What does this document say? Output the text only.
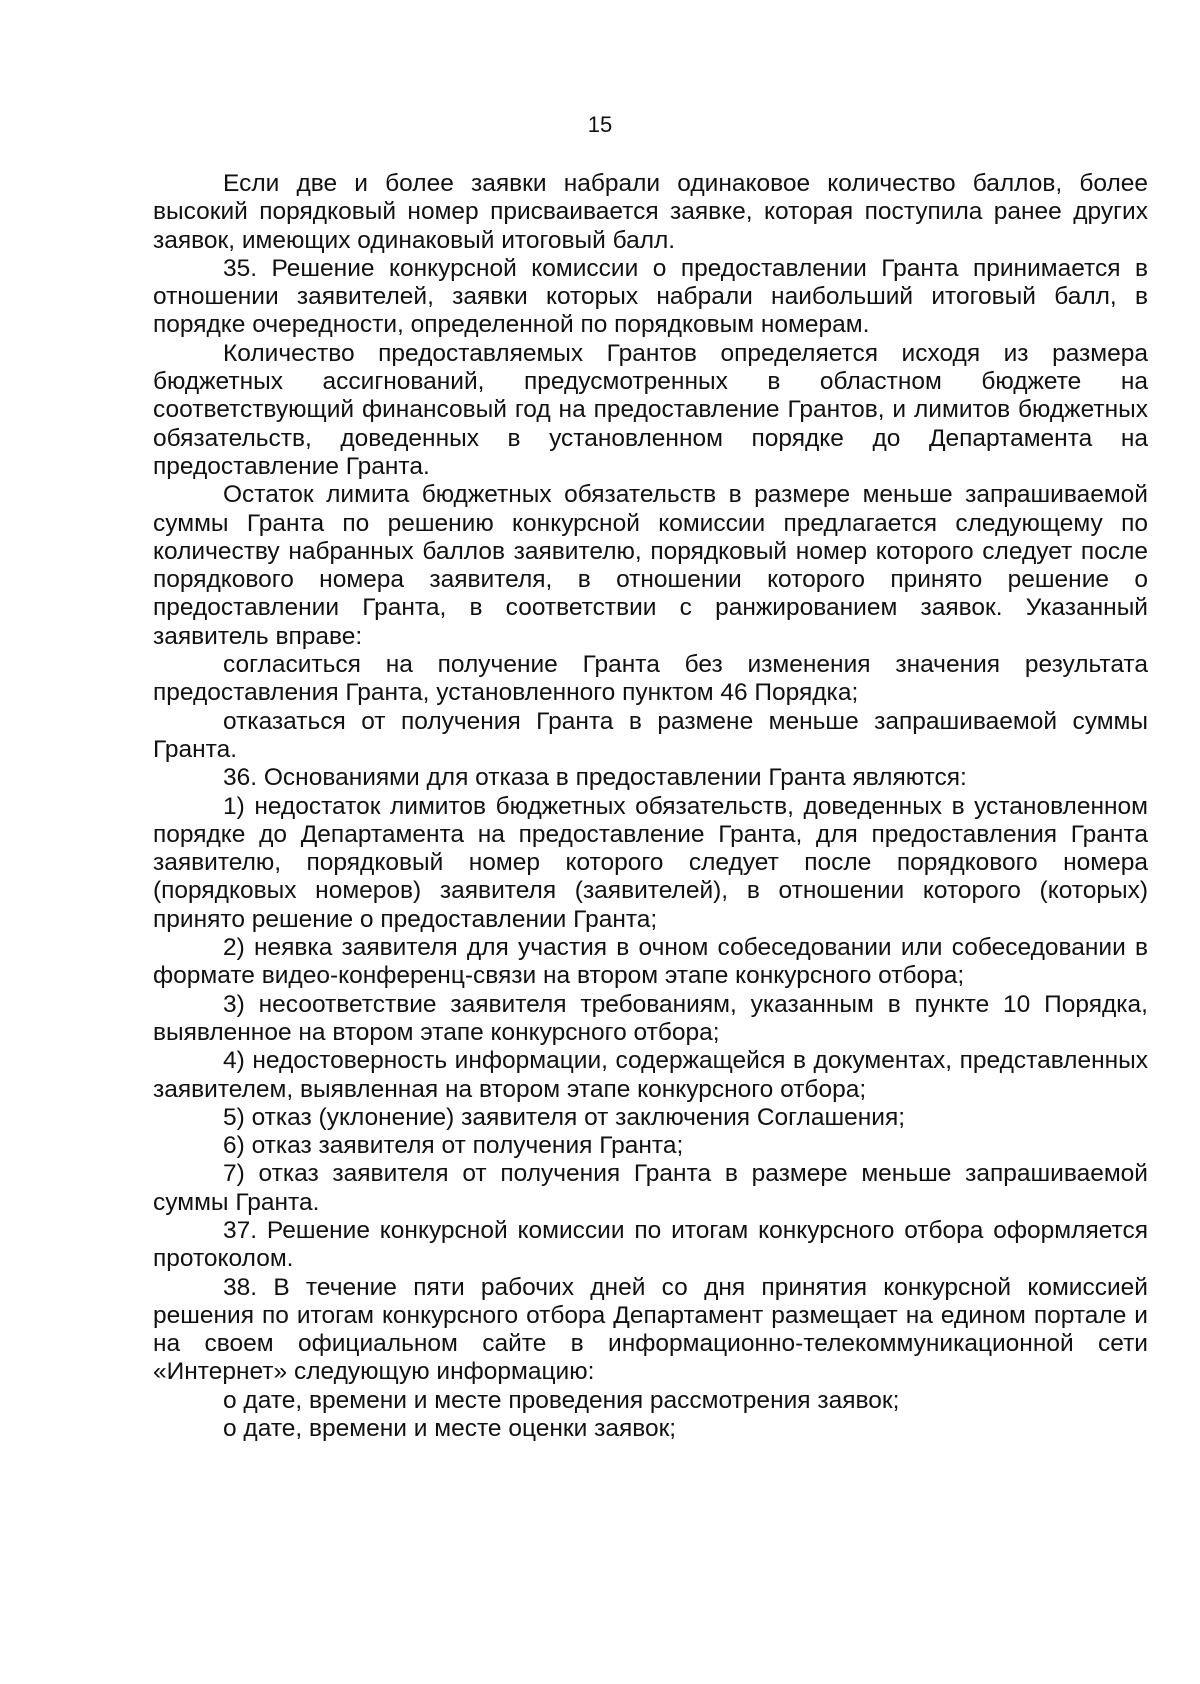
15

Если две и более заявки набрали одинаковое количество баллов, более высокий порядковый номер присваивается заявке, которая поступила ранее других заявок, имеющих одинаковый итоговый балл.

35. Решение конкурсной комиссии о предоставлении Гранта принимается в отношении заявителей, заявки которых набрали наибольший итоговый балл, в порядке очередности, определенной по порядковым номерам.

Количество предоставляемых Грантов определяется исходя из размера бюджетных ассигнований, предусмотренных в областном бюджете на соответствующий финансовый год на предоставление Грантов, и лимитов бюджетных обязательств, доведенных в установленном порядке до Департамента на предоставление Гранта.

Остаток лимита бюджетных обязательств в размере меньше запрашиваемой суммы Гранта по решению конкурсной комиссии предлагается следующему по количеству набранных баллов заявителю, порядковый номер которого следует после порядкового номера заявителя, в отношении которого принято решение о предоставлении Гранта, в соответствии с ранжированием заявок. Указанный заявитель вправе:

согласиться на получение Гранта без изменения значения результата предоставления Гранта, установленного пунктом 46 Порядка;

отказаться от получения Гранта в размене меньше запрашиваемой суммы Гранта.

36. Основаниями для отказа в предоставлении Гранта являются:

1) недостаток лимитов бюджетных обязательств, доведенных в установленном порядке до Департамента на предоставление Гранта, для предоставления Гранта заявителю, порядковый номер которого следует после порядкового номера (порядковых номеров) заявителя (заявителей), в отношении которого (которых) принято решение о предоставлении Гранта;

2) неявка заявителя для участия в очном собеседовании или собеседовании в формате видео-конференц-связи на втором этапе конкурсного отбора;

3) несоответствие заявителя требованиям, указанным в пункте 10 Порядка, выявленное на втором этапе конкурсного отбора;

4) недостоверность информации, содержащейся в документах, представленных заявителем, выявленная на втором этапе конкурсного отбора;

5) отказ (уклонение) заявителя от заключения Соглашения;

6) отказ заявителя от получения Гранта;

7) отказ заявителя от получения Гранта в размере меньше запрашиваемой суммы Гранта.

37. Решение конкурсной комиссии по итогам конкурсного отбора оформляется протоколом.

38. В течение пяти рабочих дней со дня принятия конкурсной комиссией решения по итогам конкурсного отбора Департамент размещает на едином портале и на своем официальном сайте в информационно-телекоммуникационной сети «Интернет» следующую информацию:

о дате, времени и месте проведения рассмотрения заявок;

о дате, времени и месте оценки заявок;
